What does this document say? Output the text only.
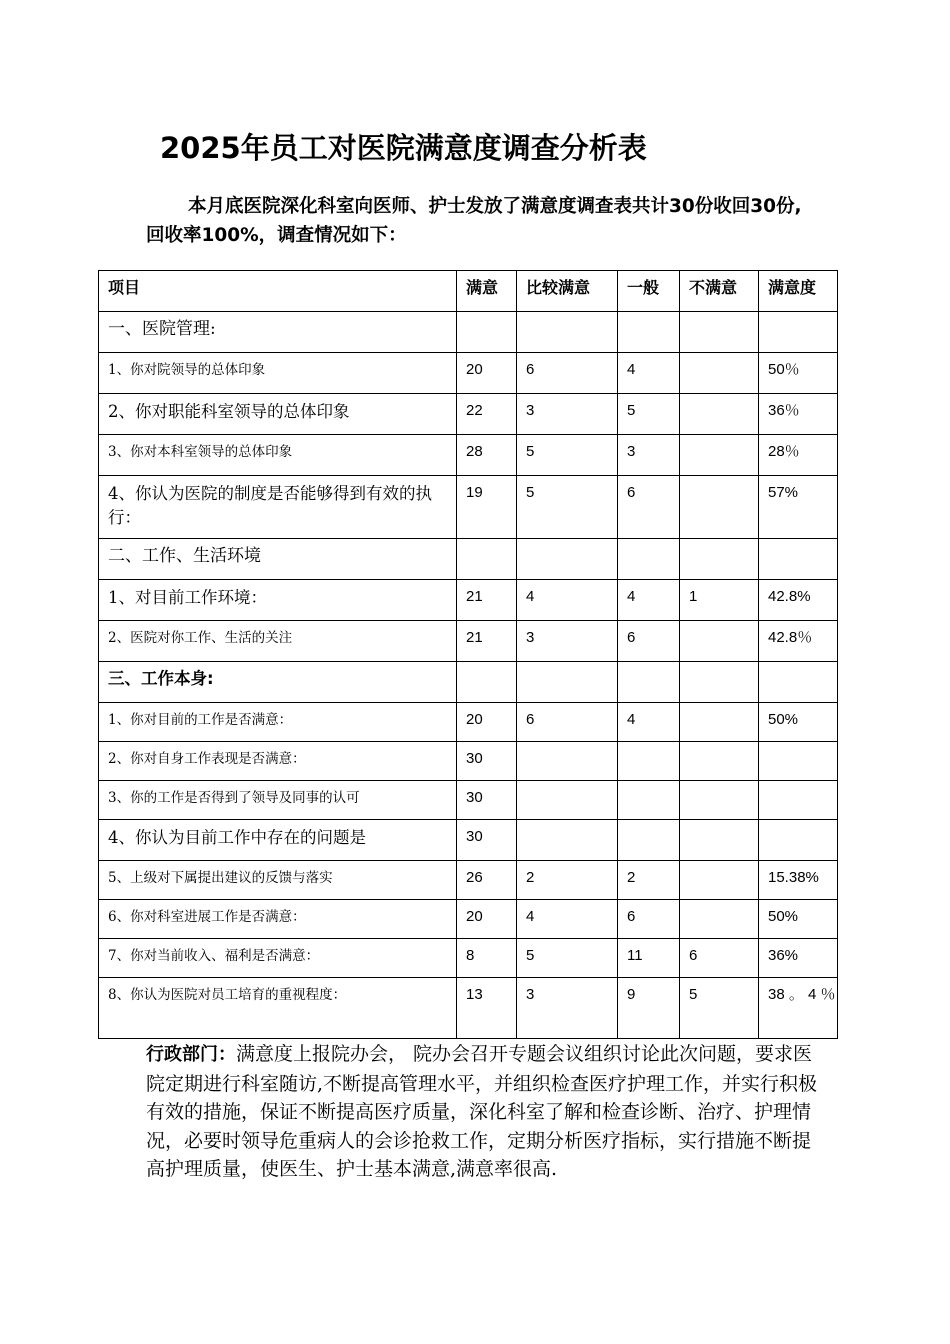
2025年员工对医院满意度调查分析表
本月底医院深化科室向医师、护士发放了满意度调查表共计30份收回30份,回收率100%，调查情况如下：
项目	满意	比较满意	一般	不满意	满意度

一、医院管理:					

1、你对院领导的总体印象	20	6	4		50％

2、你对职能科室领导的总体印象	22	3	5		36％

3、你对本科室领导的总体印象	28	5	3		28％

4、你认为医院的制度是否能够得到有效的执行：	19	5	6		57%

二、工作、生活环境					

1、对目前工作环境：	21	4	4	1	42.8%

2、医院对你工作、生活的关注	21	3	6		42.8％

三、工作本身:					

1、你对目前的工作是否满意：	20	6	4		50%

2、你对自身工作表现是否满意：	30				

3、你的工作是否得到了领导及同事的认可	30				

4、你认为目前工作中存在的问题是	30				

5、上级对下属提出建议的反馈与落实	26	2	2		15.38%

6、你对科室进展工作是否满意：	20	4	6		50%

7、你对当前收入、福利是否满意：	8	5	11	6	36%

8、你认为医院对员工培育的重视程度：	13	3	9	5	38 。 4 ％
行政部门：满意度上报院办会， 院办会召开专题会议组织讨论此次问题，要求医院定期进行科室随访,不断提高管理水平，并组织检查医疗护理工作，并实行积极有效的措施，保证不断提高医疗质量，深化科室了解和检查诊断、治疗、护理情况，必要时领导危重病人的会诊抢救工作，定期分析医疗指标，实行措施不断提高护理质量，使医生、护士基本满意,满意率很高.
